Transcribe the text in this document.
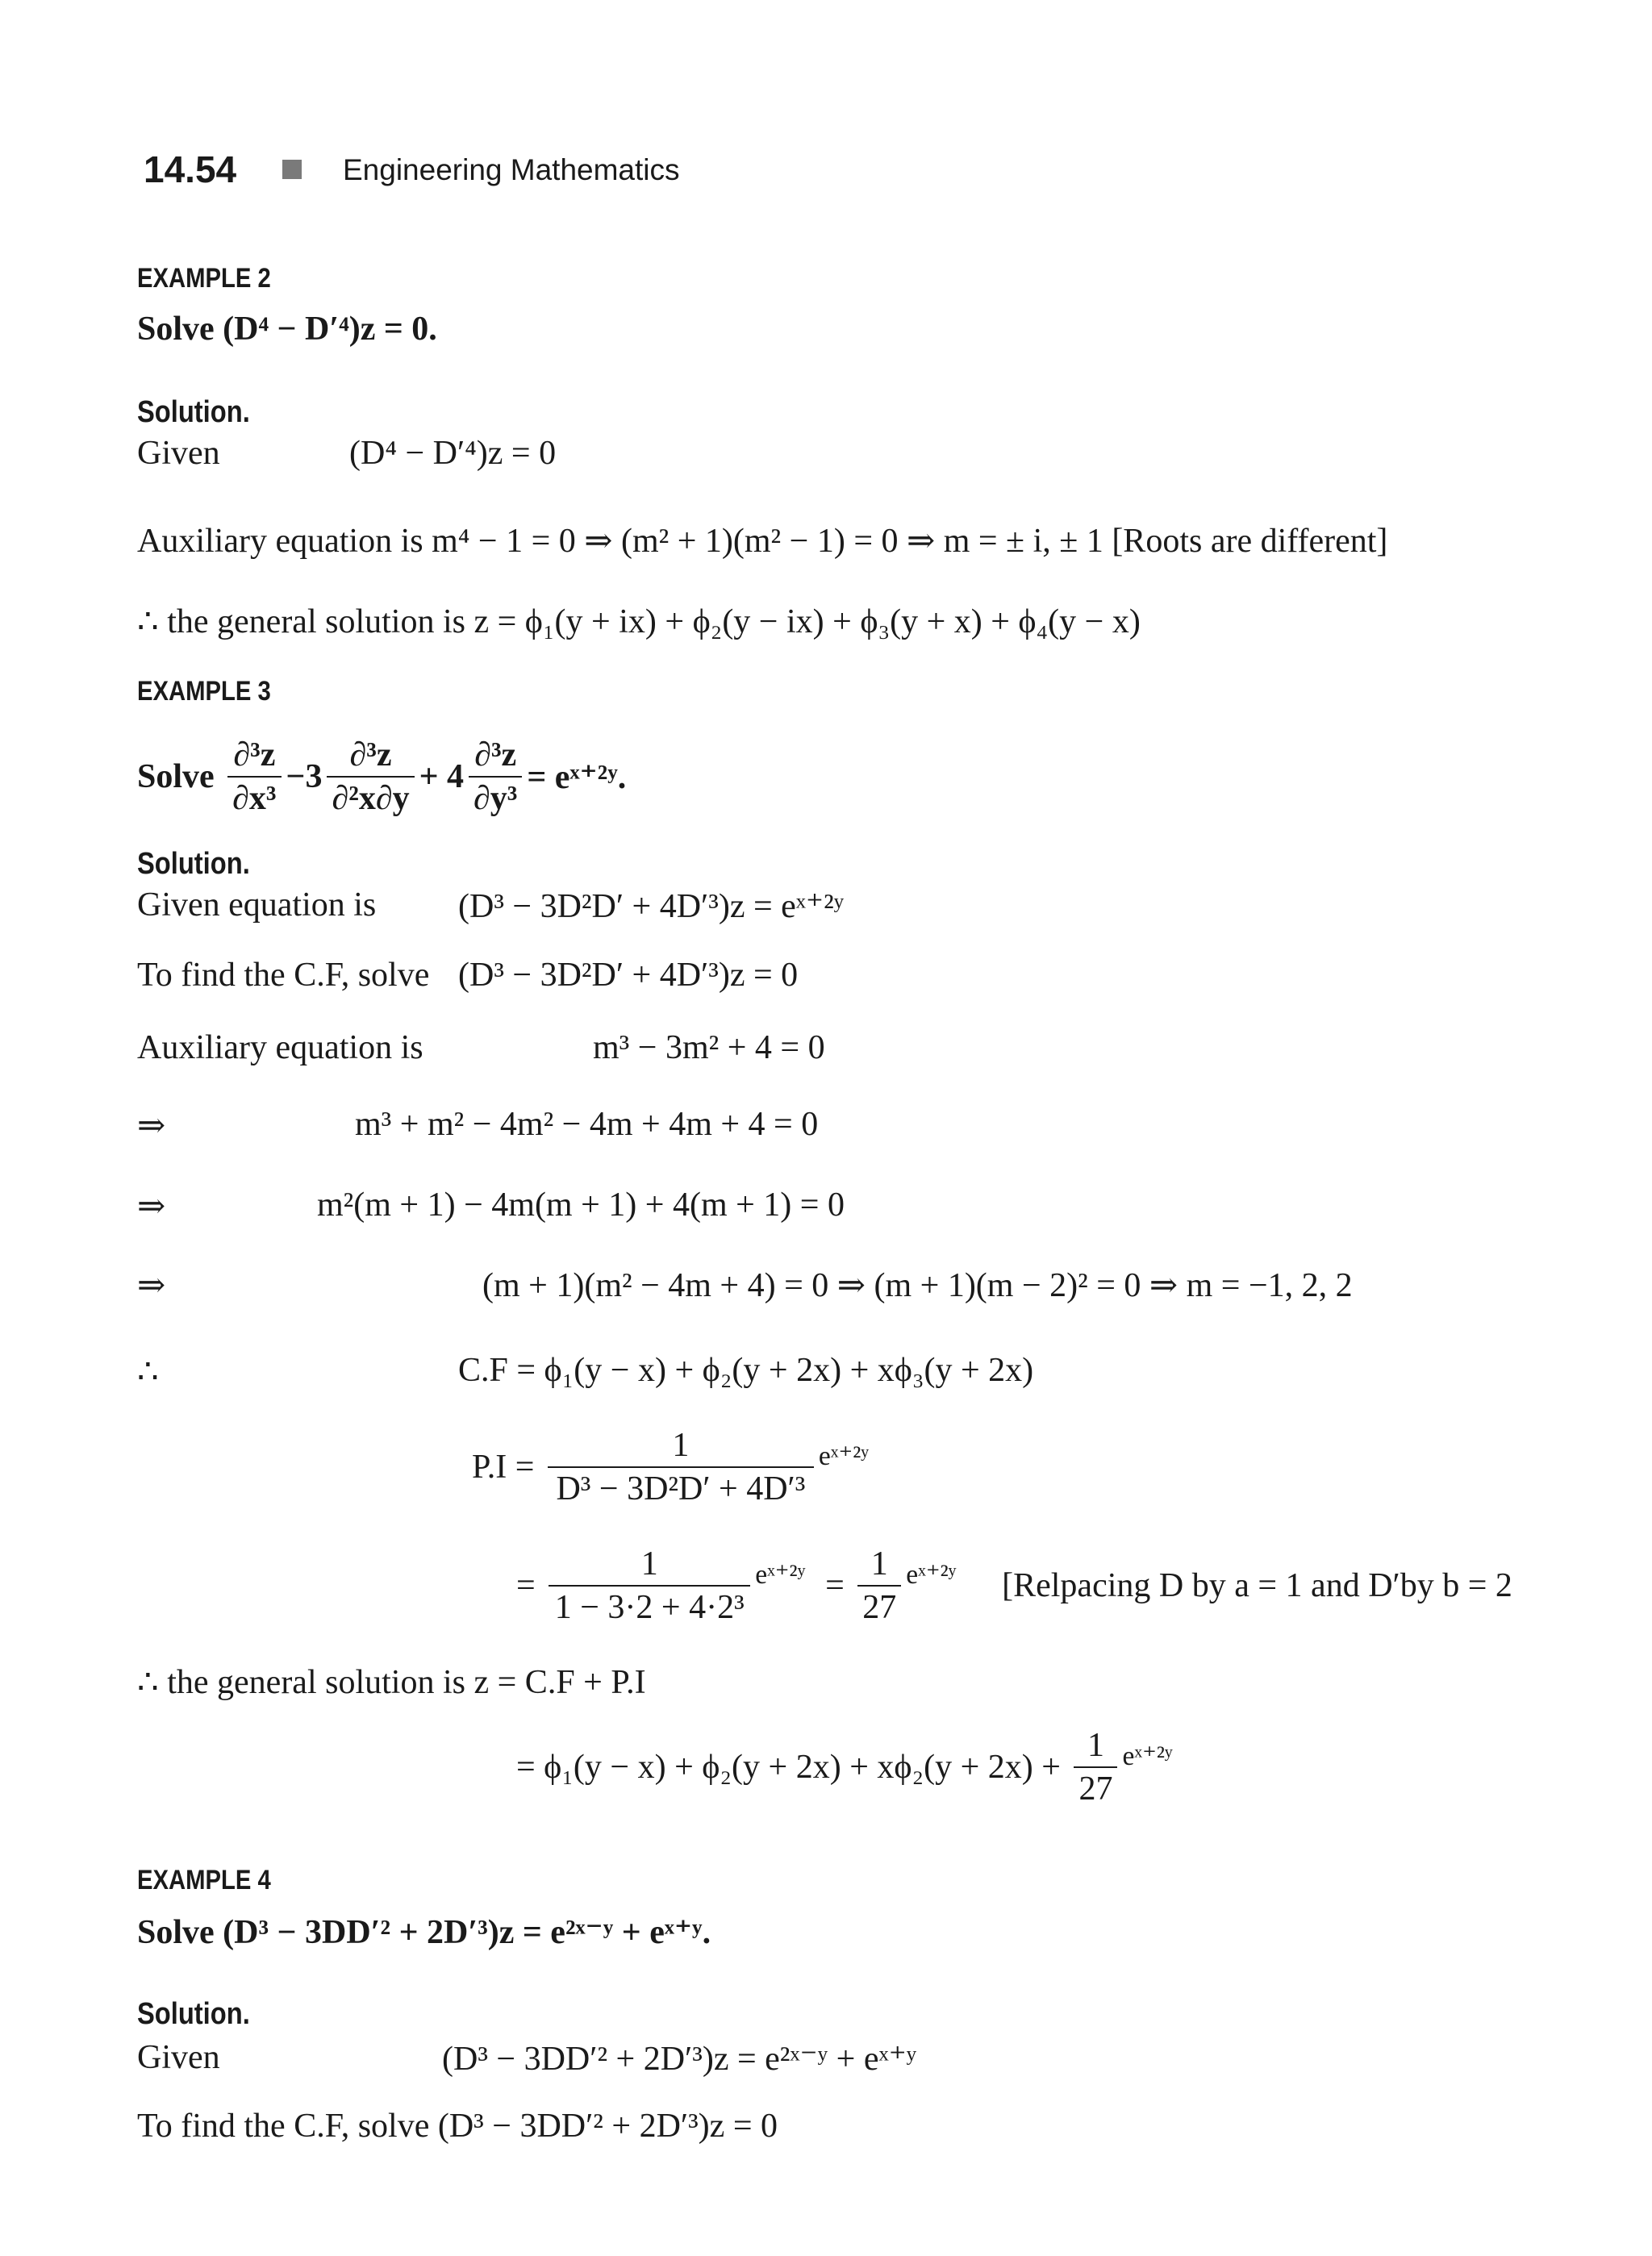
14.54	Engineering Mathematics
EXAMPLE 2
Solve (D⁴ − D′⁴)z = 0.
Solution.
Given	(D⁴ − D′⁴)z = 0
Auxiliary equation is m⁴ − 1 = 0 ⇒ (m² + 1)(m² − 1) = 0 ⇒ m = ± i, ± 1 [Roots are different]
∴ the general solution is z = ϕ₁(y + ix) + ϕ₂(y − ix) + ϕ₃(y + x) + ϕ₄(y − x)
EXAMPLE 3
Solve $\frac{\text{∂³z}}{\text{∂x³}} -3 \frac{\text{∂³z}}{\text{∂²x∂y}} + 4 \frac{\text{∂³z}}{\text{∂y³}}$ = eˣ⁺²ʸ.
Solution.
Given equation is (D³ − 3D²D′ + 4D′³)z = eˣ⁺²ʸ
To find the C.F, solve (D³ − 3D²D′ + 4D′³)z = 0
Auxiliary equation is	m³ − 3m² + 4 = 0
⇒	m³ + m² − 4m² − 4m + 4m + 4 = 0
⇒	m²(m + 1) − 4m(m + 1) + 4(m + 1) = 0
⇒	(m + 1)(m² − 4m + 4) = 0 ⇒ (m + 1)(m − 2)² = 0 ⇒ m = −1, 2, 2
∴	C.F = ϕ₁(y − x) + ϕ₂(y + 2x) + xϕ₃(y + 2x)
$P.I = \frac{1}{\text{D³ − 3D²D′ + 4D′³}} ^{eˣ^{+2}ʸ}$
= $\frac{1}{\text{1 − 3·2 + 4·2³}} ^{eˣ^{+2}ʸ} = \frac{1}{27} ^{eˣ^{+2}ʸ}$ [Relpacing D by a = 1 and D′by b = 2
∴ the general solution is z = C.F + P.I
= $\phi_1(y - x) + \phi_2(y + 2x) + x\phi_2(y + 2x) + \frac{1}{27} ^{eˣ^{+2}ʸ}$
EXAMPLE 4
Solve (D³ − 3DD′² + 2D′³)z = e²ˣ⁻ʸ + eˣ⁺ʸ.
Solution.
Given	(D³ − 3DD′² + 2D′³)z = e²ˣ⁻ʸ + eˣ⁺ʸ
To find the C.F, solve (D³ − 3DD′² + 2D′³)z = 0
